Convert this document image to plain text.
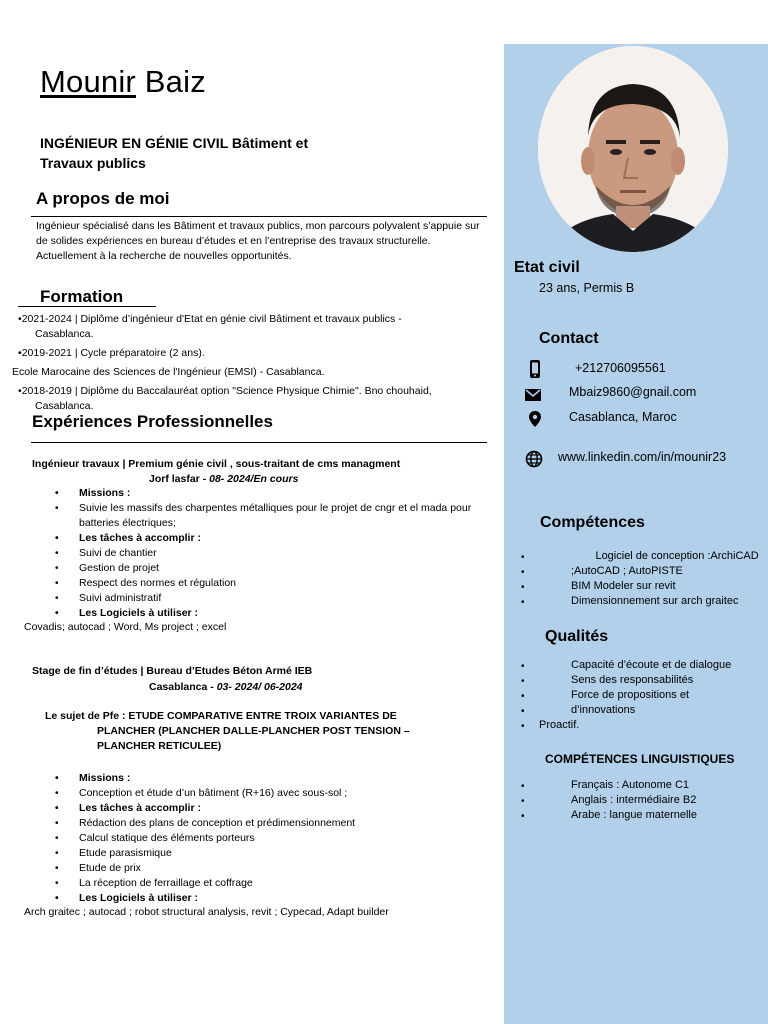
Etat civil
23 ans, Permis B
Contact
+212706095561
Mbaiz9860@gnail.com
Casablanca, Maroc
www.linkedin.com/in/mounir23
Compétences
•         Logiciel de conception :ArchiCAD
• ;AutoCAD ; AutoPISTE
• BIM Modeler sur revit
• Dimensionnement sur arch graitec
Qualités
• Capacité d’écoute et de dialogue
• Sens des responsabilités
• Force de propositions et
• d’innovations
• Proactif.
COMPÉTENCES LINGUISTIQUES
• Français : Autonome C1
• Anglais : intermédiaire B2
• Arabe : langue maternelle
Mounir Baiz
INGÉNIEUR EN GÉNIE CIVIL Bâtiment et
Travaux publics
A propos de moi
Ingénieur spécialisé dans les Bâtiment et travaux publics, mon parcours polyvalent s’appuie sur de solides expériences en bureau d’études et en l’entreprise des travaux structurelle. Actuellement à la recherche de nouvelles opportunités.
Formation
•2021-2024 | Diplôme d’ingénieur d'Etat en génie civil Bâtiment et travaux publics -
Casablanca.
•2019-2021 | Cycle préparatoire (2 ans).
Ecole Marocaine des Sciences de l'Ingénieur (EMSI) - Casablanca.
•2018-2019 | Diplôme du Baccalauréat option "Science Physique Chimie". Bno chouhaid,
Casablanca.
Expériences Professionnelles
Ingénieur travaux | Premium génie civil , sous-traitant de cms managment
Jorf lasfar - 08- 2024/En cours
• Missions :
• Suivie les massifs des charpentes métalliques pour le projet de cngr et el mada pour batteries électriques;
• Les tâches à accomplir :
• Suivi de chantier
• Gestion de projet
• Respect des normes et régulation
• Suivi administratif
• Les Logiciels à utiliser :
Covadis; autocad ; Word, Ms project ; excel
Stage de fin d’études | Bureau d’Etudes Béton Armé IEB
Casablanca - 03- 2024/ 06-2024
Le sujet de Pfe : ETUDE COMPARATIVE ENTRE TROIX VARIANTES DE
PLANCHER (PLANCHER DALLE-PLANCHER POST TENSION –
PLANCHER RETICULEE)
• Missions :
• Conception et étude d’un bâtiment (R+16) avec sous-sol ;
• Les tâches à accomplir :
• Rédaction des plans de conception et prédimensionnement
• Calcul statique des éléments porteurs
• Etude parasismique
• Etude de prix
• La réception de ferraillage et coffrage
• Les Logiciels à utiliser :
Arch graitec ; autocad ; robot structural analysis, revit ; Cypecad, Adapt builder
